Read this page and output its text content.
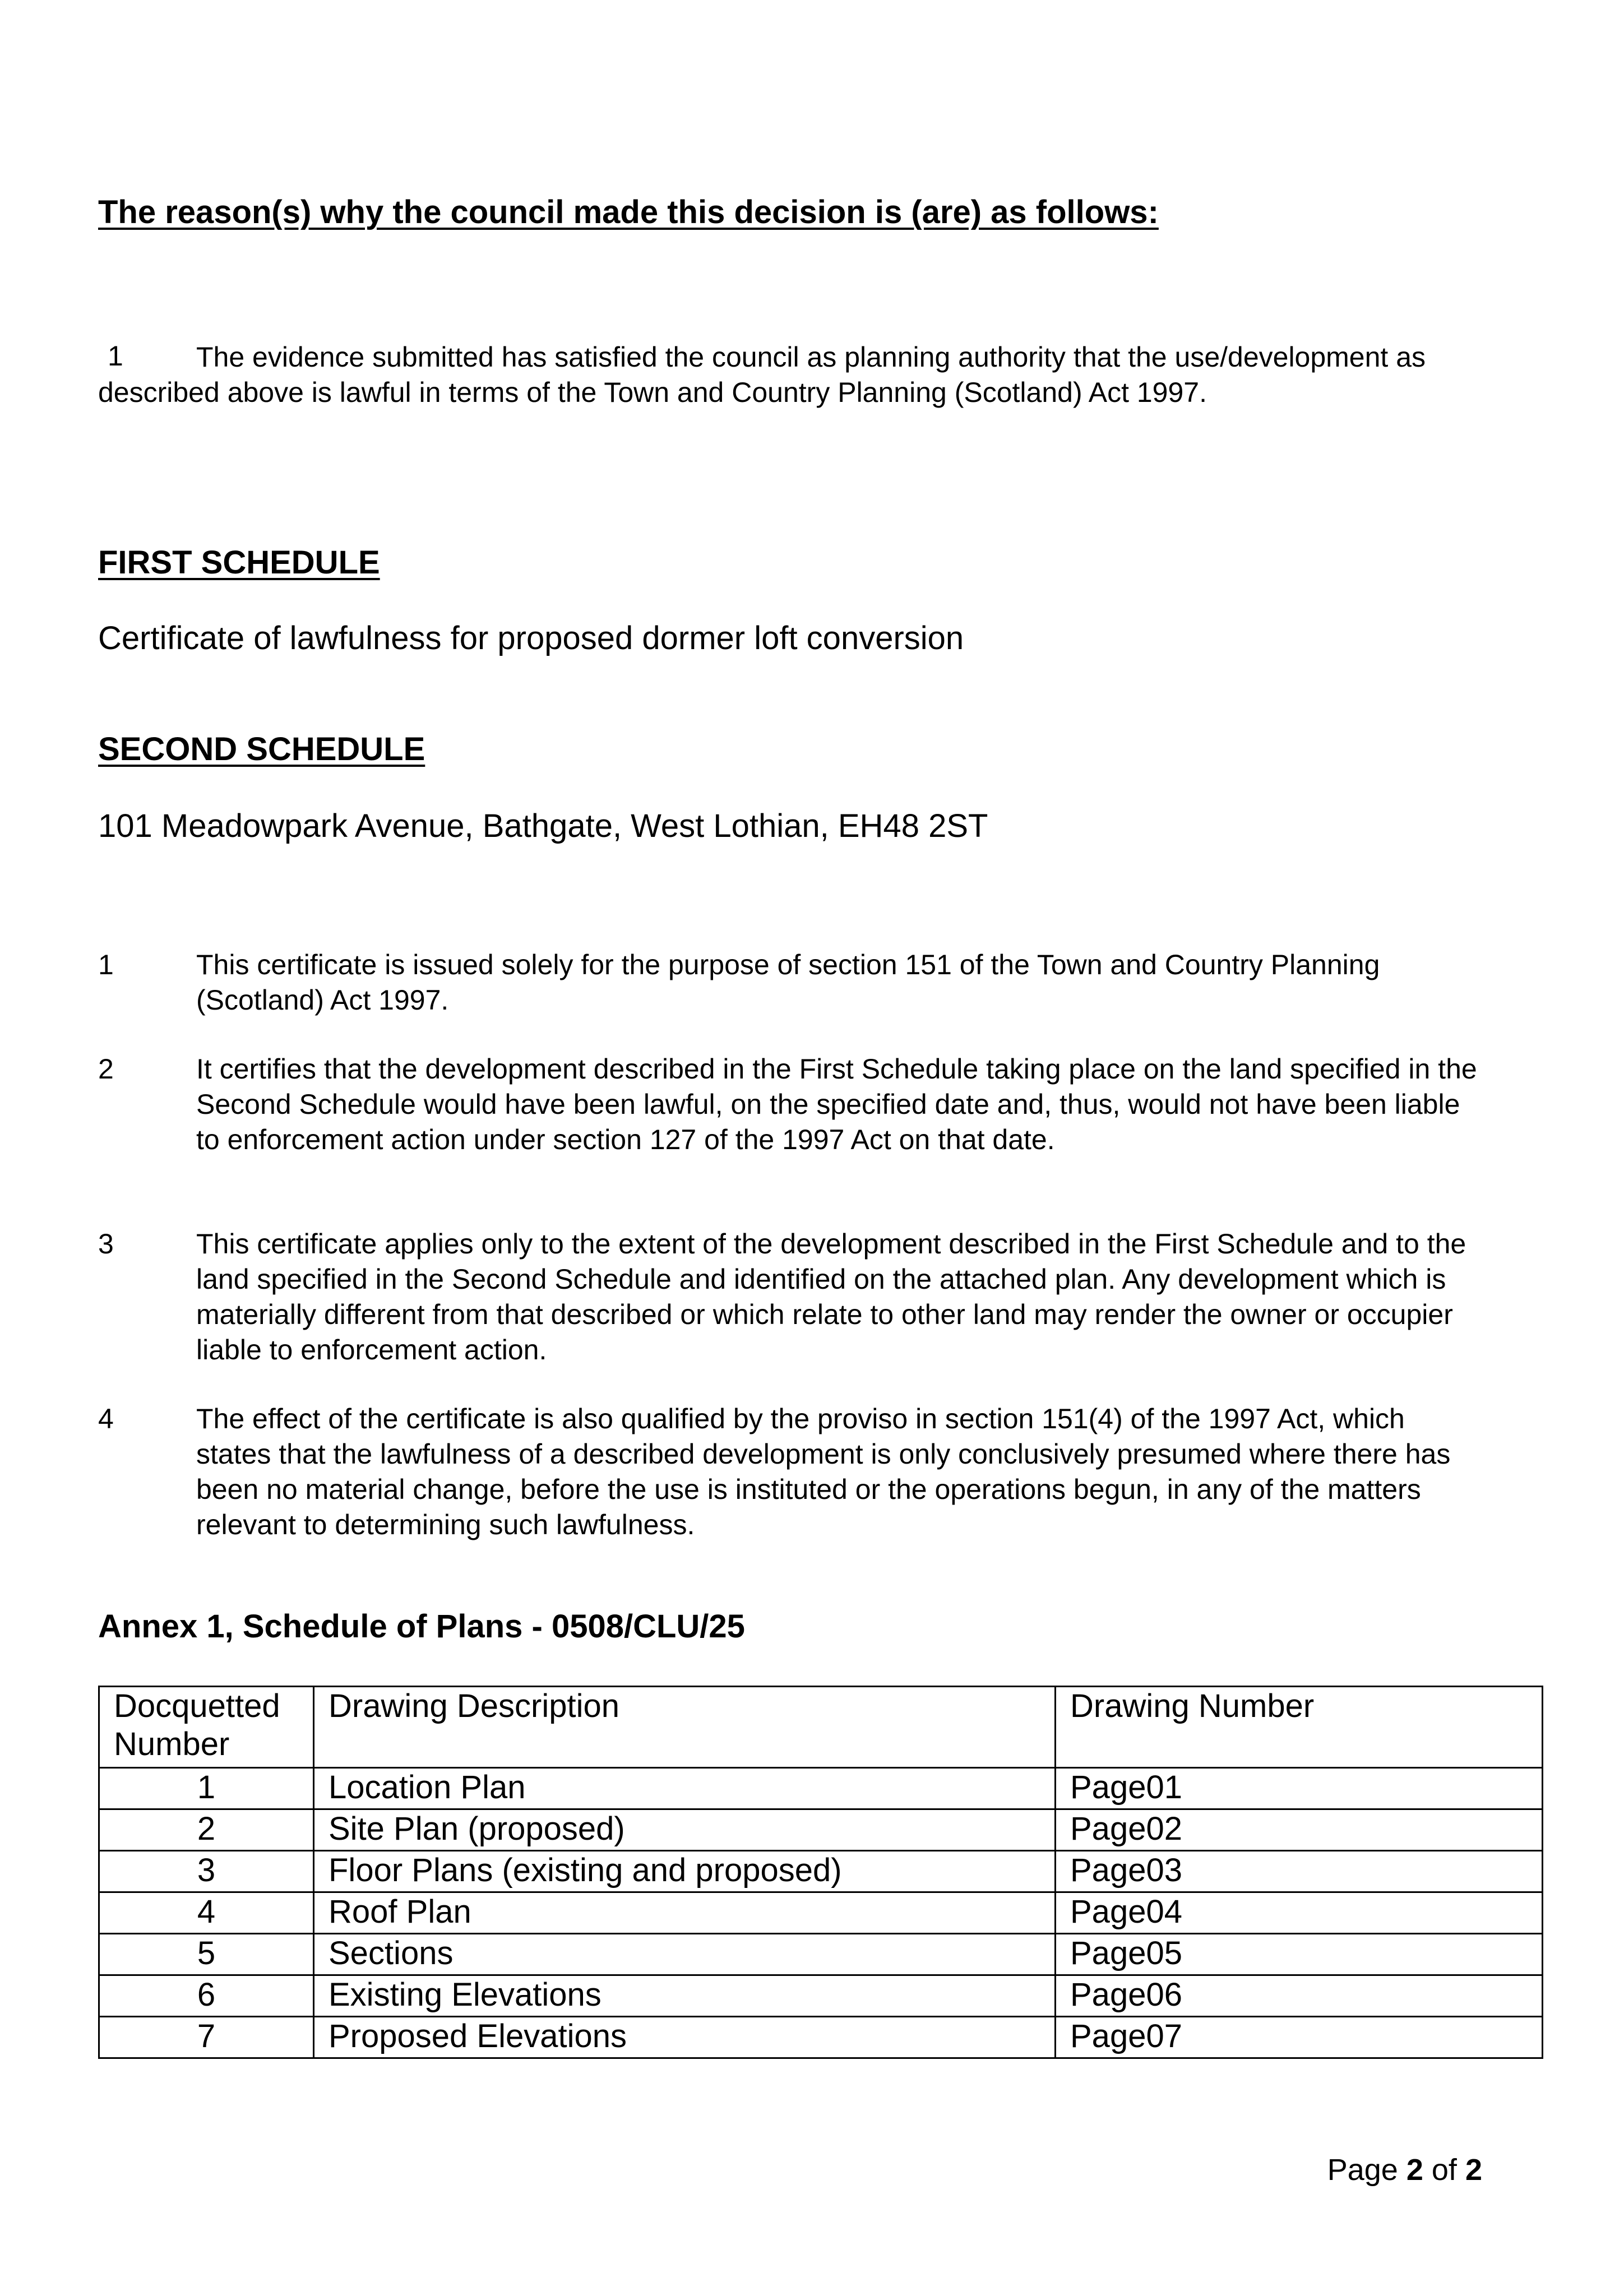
The reason(s) why the council made this decision is (are) as follows:
The evidence submitted has satisfied the council as planning authority that the use/development as described above is lawful in terms of the Town and Country Planning (Scotland) Act 1997.
1
FIRST SCHEDULE
Certificate of lawfulness for proposed dormer loft conversion
SECOND SCHEDULE
101 Meadowpark Avenue, Bathgate, West Lothian, EH48 2ST
1	This certificate is issued solely for the purpose of section 151 of the Town and Country Planning (Scotland) Act 1997.
2	It certifies that the development described in the First Schedule taking place on the land specified in the Second Schedule would have been lawful, on the specified date and, thus, would not have been liable to enforcement action under section 127 of the 1997 Act on that date.
3	This certificate applies only to the extent of the development described in the First Schedule and to the land specified in the Second Schedule and identified on the attached plan. Any development which is materially different from that described or which relate to other land may render the owner or occupier liable to enforcement action.
4	The effect of the certificate is also qualified by the proviso in section 151(4) of the 1997 Act, which states that the lawfulness of a described development is only conclusively presumed where there has been no material change, before the use is instituted or the operations begun, in any of the matters relevant to determining such lawfulness.
Annex 1, Schedule of Plans - 0508/CLU/25
Docquetted Number	Drawing Description	Drawing Number
1	Location Plan	Page01
2	Site Plan (proposed)	Page02
3	Floor Plans (existing and proposed)	Page03
4	Roof Plan	Page04
5	Sections	Page05
6	Existing Elevations	Page06
7	Proposed Elevations	Page07
Page 2 of 2
